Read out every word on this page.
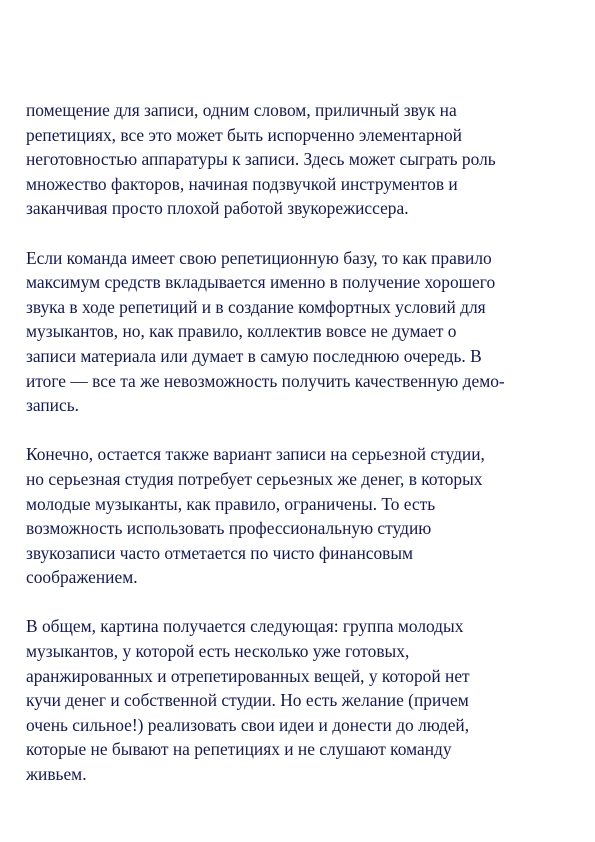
помещение для записи, одним словом, приличный звук на
репетициях, все это может быть испорченно элементарной
неготовностью аппаратуры к записи. Здесь может сыграть роль
множество факторов, начиная подзвучкой инструментов и
заканчивая просто плохой работой звукорежиссера.

Если команда имеет свою репетиционную базу, то как правило
максимум средств вкладывается именно в получение хорошего
звука в ходе репетиций и в создание комфортных условий для
музыкантов, но, как правило, коллектив вовсе не думает о
записи материала или думает в самую последнюю очередь. В
итоге — все та же невозможность получить качественную демо-
запись.

Конечно, остается также вариант записи на серьезной студии,
но серьезная студия потребует серьезных же денег, в которых
молодые музыканты, как правило, ограничены. То есть
возможность использовать профессиональную студию
звукозаписи часто отметается по чисто финансовым
соображением.

В общем, картина получается следующая: группа молодых
музыкантов, у которой есть несколько уже готовых,
аранжированных и отрепетированных вещей, у которой нет
кучи денег и собственной студии. Но есть желание (причем
очень сильное!) реализовать свои идеи и донести до людей,
которые не бывают на репетициях и не слушают команду
живьем.
